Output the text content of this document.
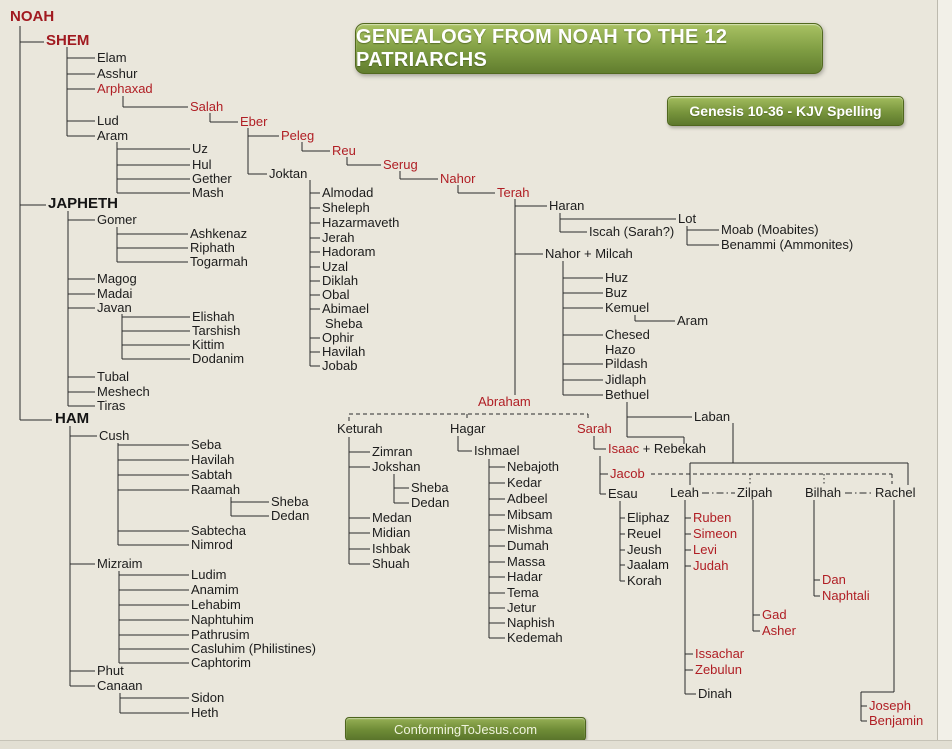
NOAH
SHEM
Elam
Asshur
Arphaxad
Salah
Eber
Lud
Aram	Peleg
Uz	Reu
Hul	Serug
Gether	Joktan	Nahor
Mash	Almodad	Terah
JAPHETH	Sheleph	Haran
Gomer	Hazarmaveth	Lot
Ashkenaz	Jerah	Iscah (Sarah?)	Moab (Moabites)
Riphath	Hadoram	Benammi (Ammonites)
Togarmah	Uzal
Nahor + Milcah
Magog	Diklah	Huz
Madai	Obal	Buz
Javan	Abimael	Kemuel
Elishah	Sheba	Aram
Tarshish	Ophir	Chesed
Kittim	Havilah	Hazo
Dodanim	Jobab	Pildash
Tubal	Jidlaph
Meshech	Bethuel
Tiras	Abraham
Laban
HAM
Keturah	Hagar	Sarah
Cush
Isaac + Rebekah
Seba	Zimran	Ishmael
Havilah	Jokshan	Jacob
Sabtah
Nebajoth
Raamah	Sheba	Kedar
Esau Leah	Zilpah	Bilhah	Rachel
Dedan	Adbeel
Sheba
Dedan	Mibsam
Medan	Eliphaz Ruben
Sabtecha	Mishma
Midian	Reuel Simeon
Nimrod	Dumah
Ishbak	Jeush Levi
Mizraim	Massa
Shuah	Jaalam Judah
Ludim	Hadar	Korah	Dan
Anamim	Tema	Naphtali
Lehabim	Jetur	Gad
Naphtuhim	Naphish
Asher
Pathrusim	Kedemah
Casluhim (Philistines)	Issachar
Caphtorim
Phut	Zebulun
Canaan
Dinah
Sidon
Joseph
Heth
Benjamin
GENEALOGY FROM NOAH TO THE 12 PATRIARCHS
Genesis 10-36 - KJV Spelling
ConformingToJesus.com
